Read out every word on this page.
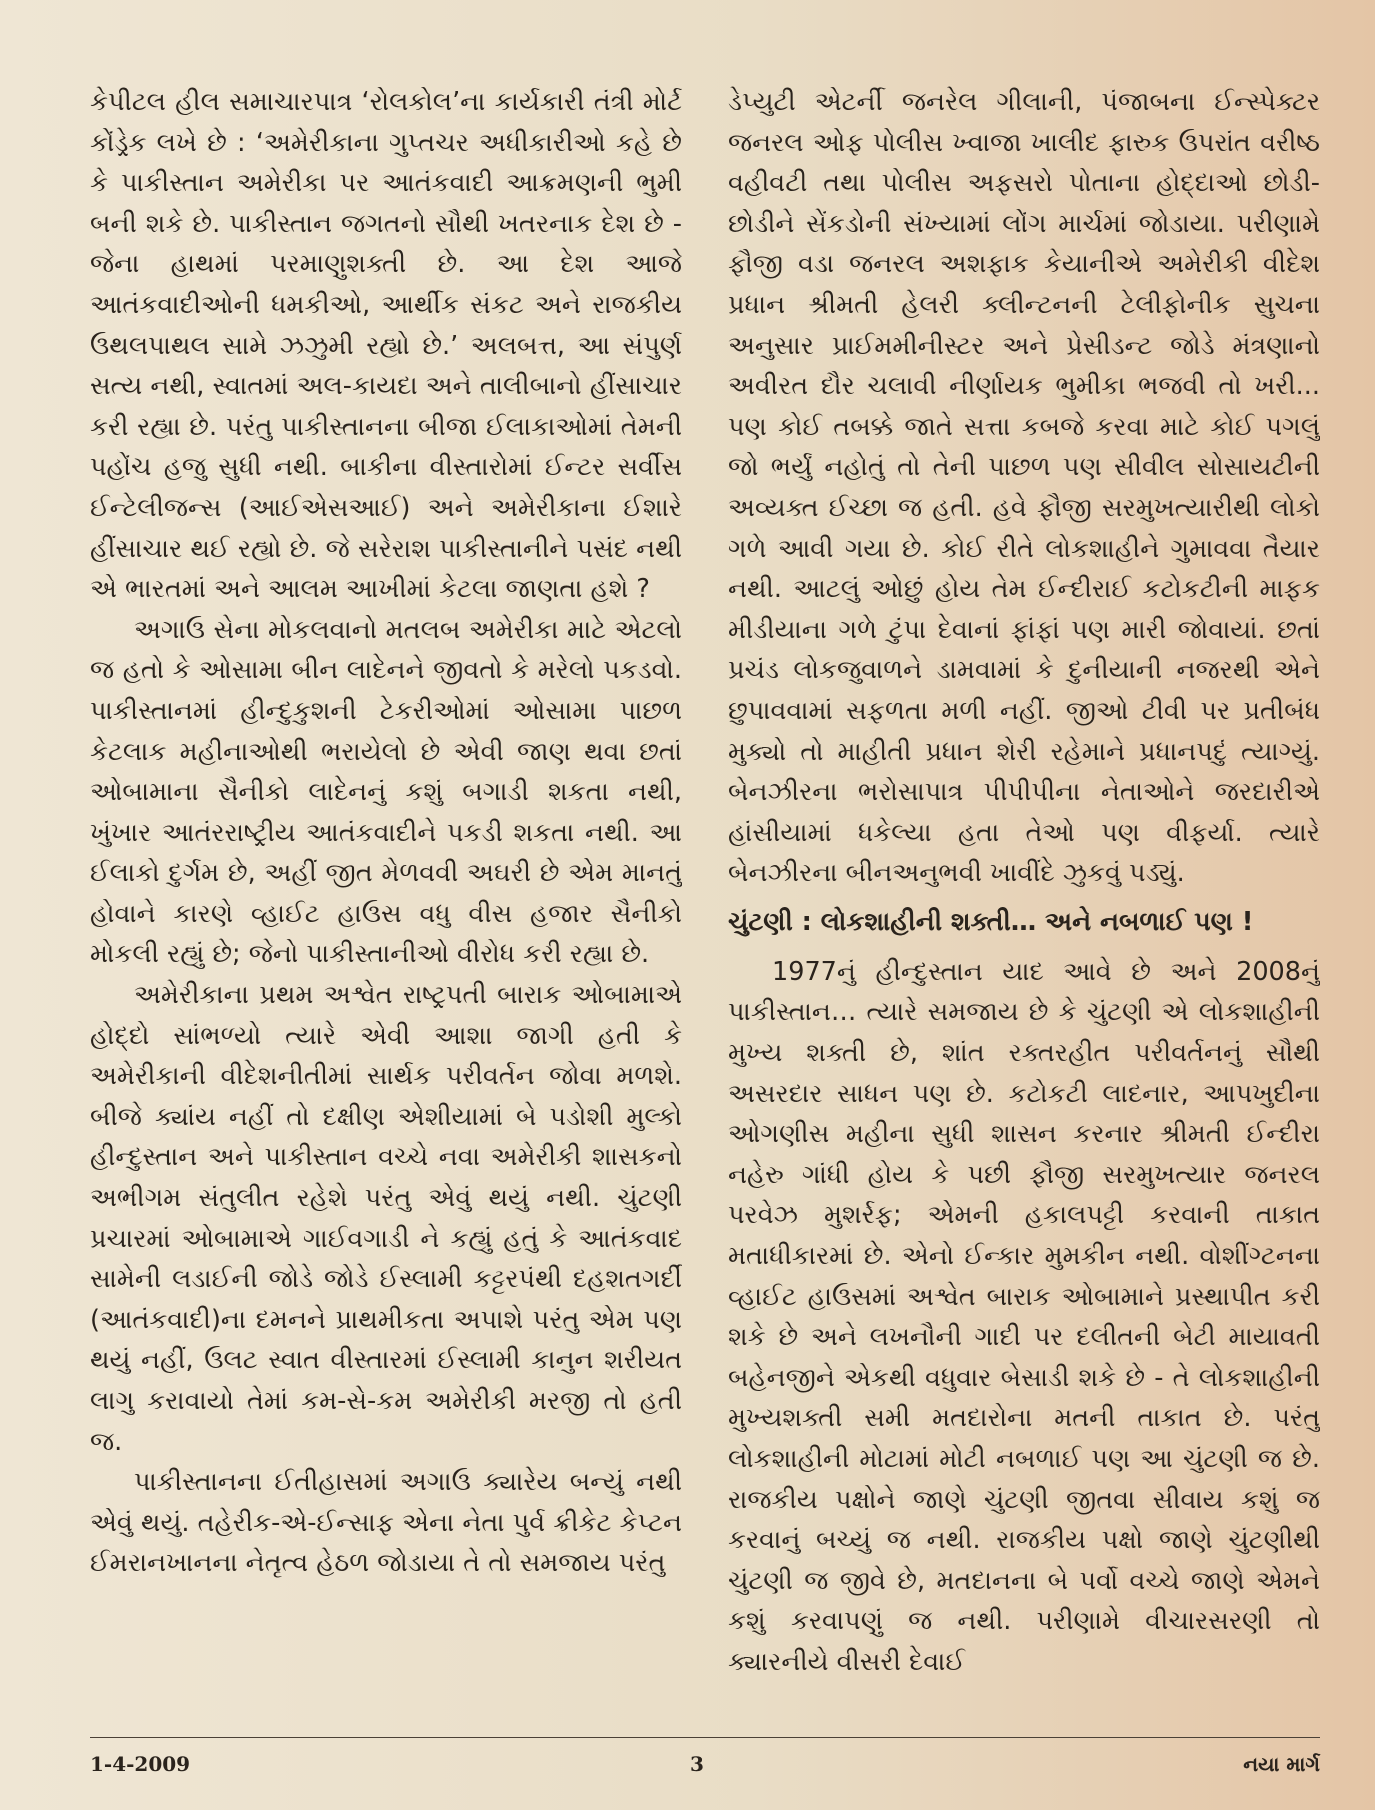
કેપીટલ હીલ સમાચારપાત્ર ‘રોલકોલ’ના કાર્યકારી તંત્રી મોર્ટ કોંડ્રેક લખે છે : ‘અમેરીકાના ગુપ્તચર અધીકારીઓ કહે છે કે પાકીસ્તાન અમેરીકા પર આતંકવાદી આક્રમણની ભુમી બની શકે છે. પાકીસ્તાન જગતનો સૌથી ખતરનાક દેશ છે - જેના હાથમાં પરમાણુશક્તી છે. આ દેશ આજે આતંકવાદીઓની ધમકીઓ, આર્થીક સંકટ અને રાજકીય ઉથલપાથલ સામે ઝઝુમી રહ્યો છે.’ અલબત્ત, આ સંપુર્ણ સત્ય નથી, સ્વાતમાં અલ-કાયદા અને તાલીબાનો હીંસાચાર કરી રહ્યા છે. પરંતુ પાકીસ્તાનના બીજા ઈલાકાઓમાં તેમની પહોંચ હજુ સુધી નથી. બાકીના વીસ્તારોમાં ઈન્ટર સર્વીસ ઈન્ટેલીજન્સ (આઈએસઆઈ) અને અમેરીકાના ઈશારે હીંસાચાર થઈ રહ્યો છે. જે સરેરાશ પાકીસ્તાનીને પસંદ નથી એ ભારતમાં અને આલમ આખીમાં કેટલા જાણતા હશે ?

અગાઉ સેના મોકલવાનો મતલબ અમેરીકા માટે એટલો જ હતો કે ઓસામા બીન લાદેનને જીવતો કે મરેલો પકડવો. પાકીસ્તાનમાં હીન્દુકુશની ટેકરીઓમાં ઓસામા પાછળ કેટલાક મહીનાઓથી ભરાયેલો છે એવી જાણ થવા છતાં ઓબામાના સૈનીકો લાદેનનું કશું બગાડી શકતા નથી, ખુંખાર આતંરરાષ્ટ્રીય આતંકવાદીને પકડી શકતા નથી. આ ઈલાકો દુર્ગમ છે, અહીં જીત મેળવવી અઘરી છે એમ માનતું હોવાને કારણે વ્હાઈટ હાઉસ વધુ વીસ હજાર સૈનીકો મોકલી રહ્યું છે; જેનો પાકીસ્તાનીઓ વીરોધ કરી રહ્યા છે.

અમેરીકાના પ્રથમ અશ્વેત રાષ્ટ્રપતી બારાક ઓબામાએ હોદ્દો સાંભળ્યો ત્યારે એવી આશા જાગી હતી કે અમેરીકાની વીદેશનીતીમાં સાર્થક પરીવર્તન જોવા મળશે. બીજે ક્યાંય નહીં તો દક્ષીણ એશીયામાં બે પડોશી મુલ્કો હીન્દુસ્તાન અને પાકીસ્તાન વચ્ચે નવા અમેરીકી શાસકનો અભીગમ સંતુલીત રહેશે પરંતુ એવું થયું નથી. ચુંટણી પ્રચારમાં ઓબામાએ ગાઈવગાડી ને કહ્યું હતું કે આતંકવાદ સામેની લડાઈની જોડે જોડે ઈસ્લામી કટ્ટરપંથી દહશતગર્દી (આતંકવાદી)ના દમનને પ્રાથમીકતા અપાશે પરંતુ એમ પણ થયું નહીં, ઉલટ સ્વાત વીસ્તારમાં ઈસ્લામી કાનુન શરીયત લાગુ કરાવાયો તેમાં કમ-સે-કમ અમેરીકી મરજી તો હતી જ.

પાકીસ્તાનના ઈતીહાસમાં અગાઉ ક્યારેય બન્યું નથી એવું થયું. તહેરીક-એ-ઈન્સાફ એના નેતા પુર્વ ક્રીકેટ કેપ્ટન ઈમરાનખાનના નેતૃત્વ હેઠળ જોડાયા તે તો સમજાય પરંતુ

ડેપ્યુટી એટર્ની જનરેલ ગીલાની, પંજાબના ઈન્સ્પેક્ટર જનરલ ઓફ પોલીસ ખ્વાજા ખાલીદ ફારુક ઉપરાંત વરીષ્ઠ વહીવટી તથા પોલીસ અફસરો પોતાના હોદ્દાઓ છોડી-છોડીને સેંકડોની સંખ્યામાં લોંગ માર્ચમાં જોડાયા. પરીણામે ફૌજી વડા જનરલ અશફાક કેયાનીએ અમેરીકી વીદેશ પ્રધાન શ્રીમતી હેલરી ક્લીન્ટનની ટેલીફોનીક સુચના અનુસાર પ્રાઈમમીનીસ્ટર અને પ્રેસીડન્ટ જોડે મંત્રણાનો અવીરત દૌર ચલાવી નીર્ણાયક ભુમીકા ભજવી તો ખરી... પણ કોઈ તબક્કે જાતે સત્તા કબજે કરવા માટે કોઈ પગલું જો ભર્યું નહોતું તો તેની પાછળ પણ સીવીલ સોસાયટીની અવ્યક્ત ઈચ્છા જ હતી. હવે ફૌજી સરમુખત્યારીથી લોકો ગળે આવી ગયા છે. કોઈ રીતે લોકશાહીને ગુમાવવા તૈયાર નથી. આટલું ઓછું હોય તેમ ઈન્દીરાઈ કટોકટીની માફક મીડીયાના ગળે ટુંપા દેવાનાં ફાંફાં પણ મારી જોવાયાં. છતાં પ્રચંડ લોકજુવાળને ડામવામાં કે દુનીયાની નજરથી એને છુપાવવામાં સફળતા મળી નહીં. જીઓ ટીવી પર પ્રતીબંધ મુક્યો તો માહીતી પ્રધાન શેરી રહેમાને પ્રધાનપદું ત્યાગ્યું. બેનઝીરના ભરોસાપાત્ર પીપીપીના નેતાઓને જરદારીએ હાંસીયામાં ધકેલ્યા હતા તેઓ પણ વીફર્યા. ત્યારે બેનઝીરના બીનઅનુભવી ખાવીંદે ઝુકવું પડ્યું.

ચુંટણી : લોકશાહીની શક્તી… અને નબળાઈ પણ !

1977નું હીન્દુસ્તાન યાદ આવે છે અને 2008નું પાકીસ્તાન… ત્યારે સમજાય છે કે ચુંટણી એ લોકશાહીની મુખ્ય શક્તી છે, શાંત રક્તરહીત પરીવર્તનનું સૌથી અસરદાર સાધન પણ છે. કટોકટી લાદનાર, આપખુદીના ઓગણીસ મહીના સુધી શાસન કરનાર શ્રીમતી ઈન્દીરા નહેરુ ગાંધી હોય કે પછી ફૌજી સરમુખત્યાર જનરલ પરવેઝ મુશર્રફ; એમની હકાલપટ્ટી કરવાની તાકાત મતાધીકારમાં છે. એનો ઈન્કાર મુમકીન નથી. વોશીંગ્ટનના વ્હાઈટ હાઉસમાં અશ્વેત બારાક ઓબામાને પ્રસ્થાપીત કરી શકે છે અને લખનૌની ગાદી પર દલીતની બેટી માયાવતી બહેનજીને એકથી વધુવાર બેસાડી શકે છે - તે લોકશાહીની મુખ્યશક્તી સમી મતદારોના મતની તાકાત છે. પરંતુ લોકશાહીની મોટામાં મોટી નબળાઈ પણ આ ચુંટણી જ છે. રાજકીય પક્ષોને જાણે ચુંટણી જીતવા સીવાય કશું જ કરવાનું બચ્યું જ નથી. રાજકીય પક્ષો જાણે ચુંટણીથી ચુંટણી જ જીવે છે, મતદાનના બે પર્વો વચ્ચે જાણે એમને કશું કરવાપણું જ નથી. પરીણામે વીચારસરણી તો ક્યારનીયે વીસરી દેવાઈ

1-4-2009	3	નયા માર્ગ
